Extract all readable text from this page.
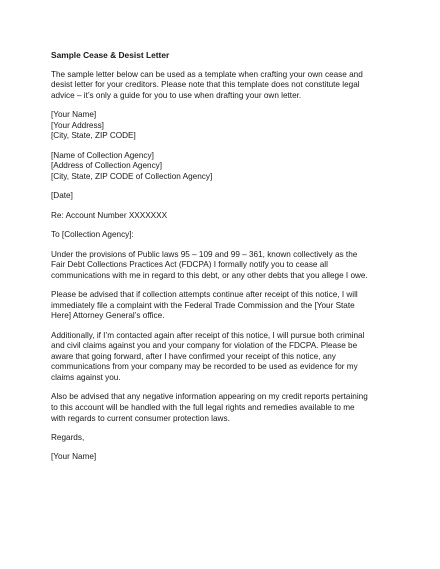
Sample Cease & Desist Letter
The sample letter below can be used as a template when crafting your own cease and
desist letter for your creditors. Please note that this template does not constitute legal
advice – it’s only a guide for you to use when drafting your own letter.
[Your Name]
[Your Address]
[City, State, ZIP CODE]
[Name of Collection Agency]
[Address of Collection Agency]
[City, State, ZIP CODE of Collection Agency]
[Date]
Re: Account Number XXXXXXX
To [Collection Agency]:
Under the provisions of Public laws 95 – 109 and 99 – 361, known collectively as the
Fair Debt Collections Practices Act (FDCPA) I formally notify you to cease all
communications with me in regard to this debt, or any other debts that you allege I owe.
Please be advised that if collection attempts continue after receipt of this notice, I will
immediately file a complaint with the Federal Trade Commission and the [Your State
Here] Attorney General’s office.
Additionally, if I’m contacted again after receipt of this notice, I will pursue both criminal
and civil claims against you and your company for violation of the FDCPA. Please be
aware that going forward, after I have confirmed your receipt of this notice, any
communications from your company may be recorded to be used as evidence for my
claims against you.
Also be advised that any negative information appearing on my credit reports pertaining
to this account will be handled with the full legal rights and remedies available to me
with regards to current consumer protection laws.
Regards,
[Your Name]
